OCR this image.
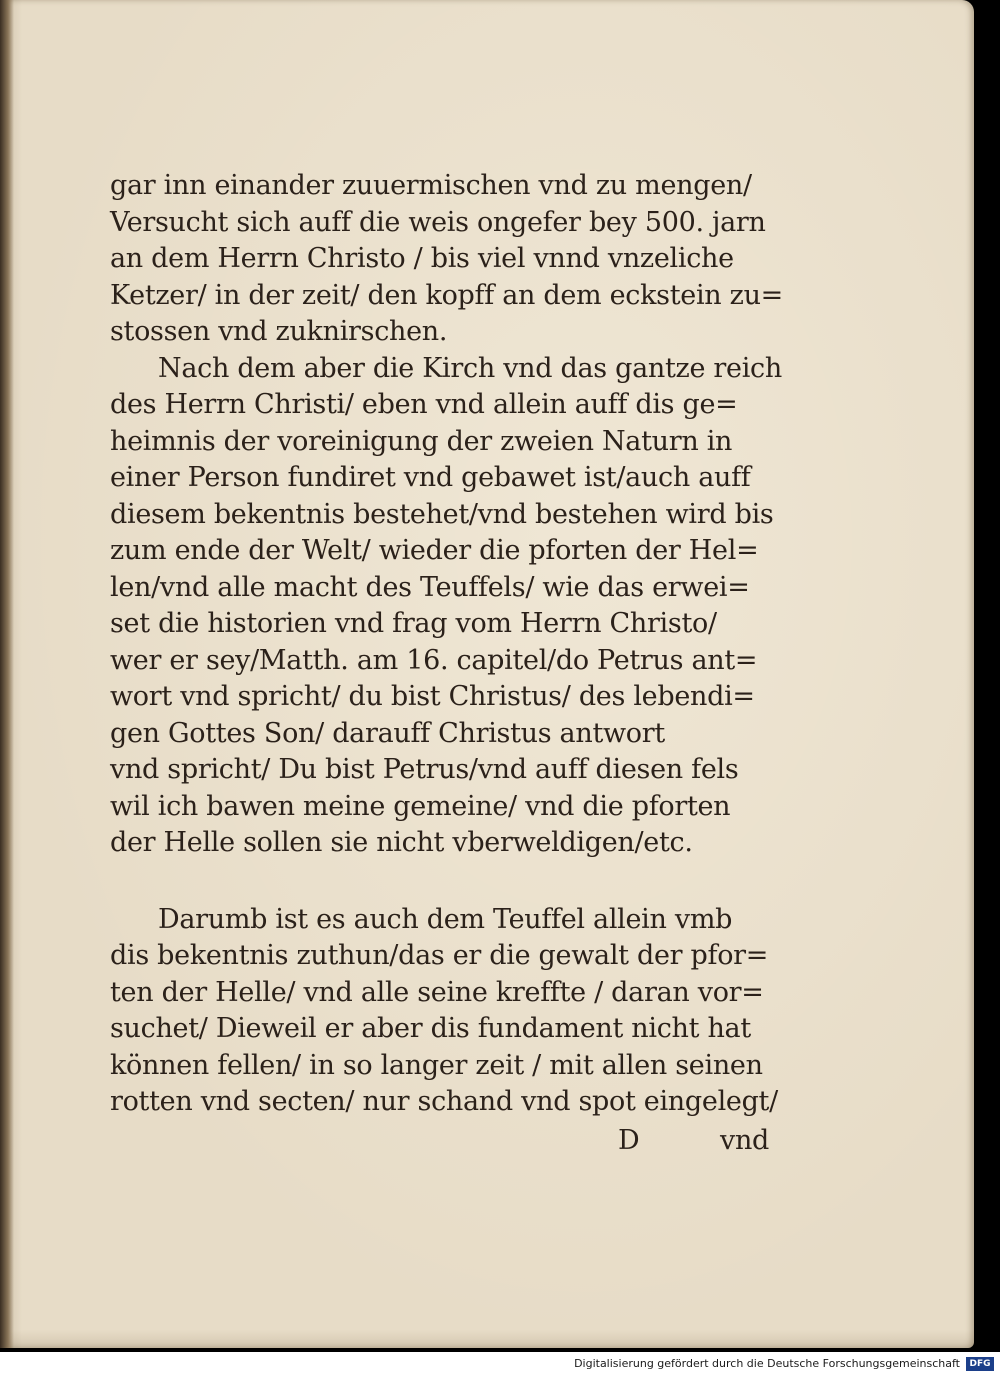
gar inn einander zuuermischen vnd zu mengen/
Versucht sich auff die weis ongefer bey 500. jarn
an dem Herrn Christo / bis viel vnnd vnzeliche
Ketzer/ in der zeit/ den kopff an dem eckstein zu=
stossen vnd zuknirschen.
Nach dem aber die Kirch vnd das gantze reich
des Herrn Christi/ eben vnd allein auff dis ge=
heimnis der voreinigung der zweien Naturn in
einer Person fundiret vnd gebawet ist/auch auff
diesem bekentnis bestehet/vnd bestehen wird bis
zum ende der Welt/ wieder die pforten der Hel=
len/vnd alle macht des Teuffels/ wie das erwei=
set die historien vnd frag vom Herrn Christo/
wer er sey/Matth. am 16. capitel/do Petrus ant=
wort vnd spricht/ du bist Christus/ des lebendi=
gen Gottes Son/ darauff Christus antwort
vnd spricht/ Du bist Petrus/vnd auff diesen fels
wil ich bawen meine gemeine/ vnd die pforten
der Helle sollen sie nicht vberweldigen/etc.
Darumb ist es auch dem Teuffel allein vmb
dis bekentnis zuthun/das er die gewalt der pfor=
ten der Helle/ vnd alle seine kreffte / daran vor=
suchet/ Dieweil er aber dis fundament nicht hat
können fellen/ in so langer zeit / mit allen seinen
rotten vnd secten/ nur schand vnd spot eingelegt/
D	vnd
Digitalisierung gefördert durch die Deutsche Forschungsgemeinschaft	DFG
